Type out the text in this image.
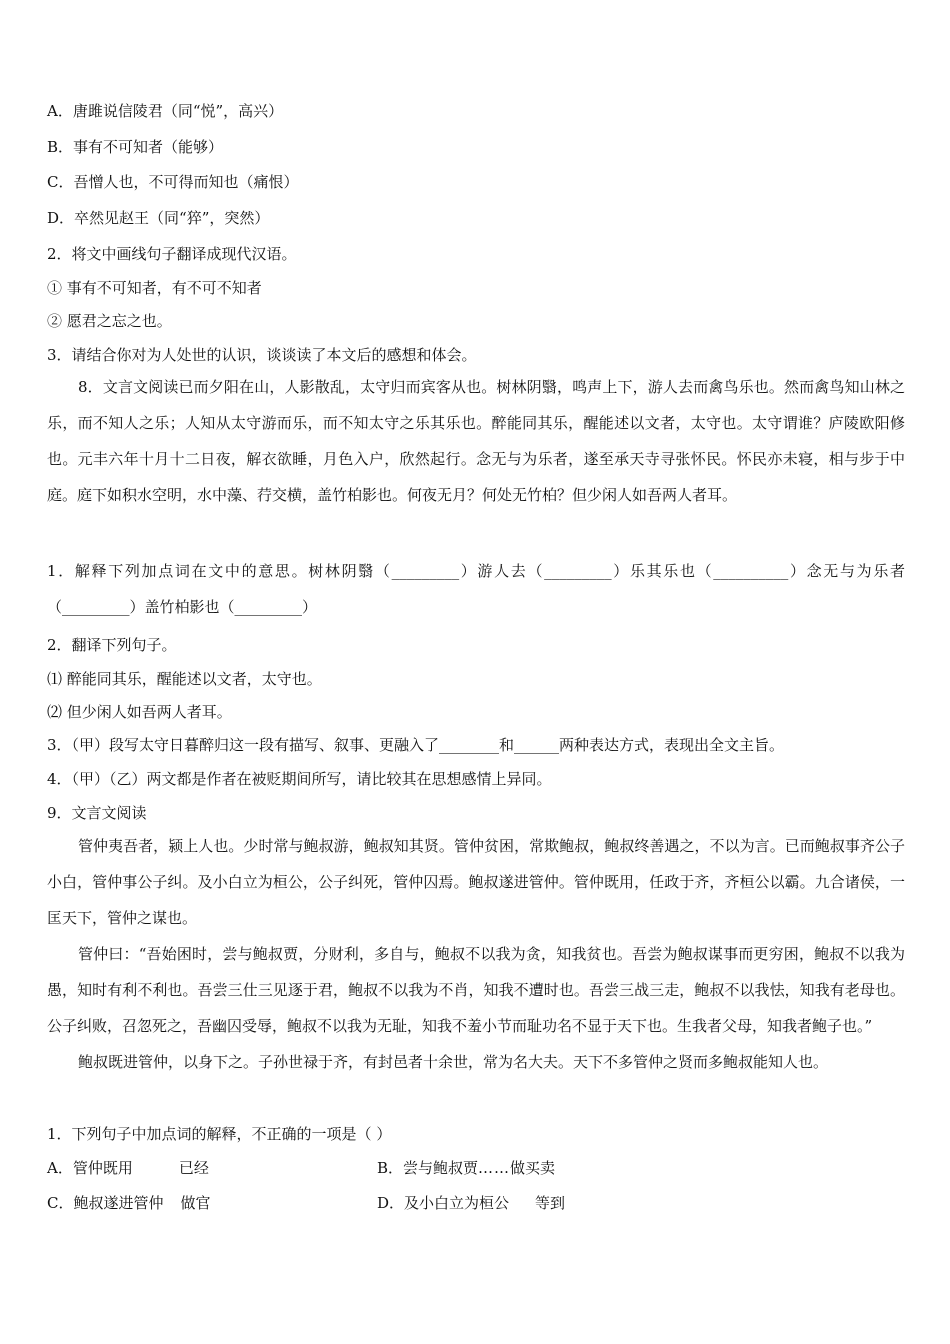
A．唐雎说信陵君（同“悦”，高兴）
B．事有不可知者（能够）
C．吾憎人也，不可得而知也（痛恨）
D．卒然见赵王（同“猝”，突然）
2．将文中画线句子翻译成现代汉语。
① 事有不可知者，有不可不知者
② 愿君之忘之也。
3．请结合你对为人处世的认识，谈谈读了本文后的感想和体会。

8．文言文阅读已而夕阳在山，人影散乱，太守归而宾客从也。树林阴翳，鸣声上下，游人去而禽鸟乐也。然而禽鸟知山林之乐，而不知人之乐；人知从太守游而乐，而不知太守之乐其乐也。醉能同其乐，醒能述以文者，太守也。太守谓谁？庐陵欧阳修也。元丰六年十月十二日夜，解衣欲睡，月色入户，欣然起行。念无与为乐者，遂至承天寺寻张怀民。怀民亦未寝，相与步于中庭。庭下如积水空明，水中藻、荇交横，盖竹柏影也。何夜无月？何处无竹柏？但少闲人如吾两人者耳。

1．解释下列加点词在文中的意思。树林阴翳（_________）游人去（_________）乐其乐也（__________）念无与为乐者（_________）盖竹柏影也（_________）
2．翻译下列句子。
⑴ 醉能同其乐，醒能述以文者，太守也。
⑵ 但少闲人如吾两人者耳。
3．（甲）段写太守日暮醉归这一段有描写、叙事、更融入了________和______两种表达方式，表现出全文主旨。
4．（甲）（乙）两文都是作者在被贬期间所写，请比较其在思想感情上异同。
9．文言文阅读

管仲夷吾者，颍上人也。少时常与鲍叔游，鲍叔知其贤。管仲贫困，常欺鲍叔，鲍叔终善遇之，不以为言。已而鲍叔事齐公子小白，管仲事公子纠。及小白立为桓公，公子纠死，管仲囚焉。鲍叔遂进管仲。管仲既用，任政于齐，齐桓公以霸。九合诸侯，一匡天下，管仲之谋也。

管仲曰：“吾始困时，尝与鲍叔贾，分财利，多自与，鲍叔不以我为贪，知我贫也。吾尝为鲍叔谋事而更穷困，鲍叔不以我为愚，知时有利不利也。吾尝三仕三见逐于君，鲍叔不以我为不肖，知我不遭时也。吾尝三战三走，鲍叔不以我怯，知我有老母也。公子纠败，召忽死之，吾幽囚受辱，鲍叔不以我为无耻，知我不羞小节而耻功名不显于天下也。生我者父母，知我者鲍子也。”

鲍叔既进管仲，以身下之。子孙世禄于齐，有封邑者十余世，常为名大夫。天下不多管仲之贤而多鲍叔能知人也。

1．下列句子中加点词的解释，不正确的一项是（ ）
A．管仲既用	已经	B．尝与鲍叔贾……做买卖
C．鲍叔遂进管仲 做官	D．及小白立为桓公 等到
